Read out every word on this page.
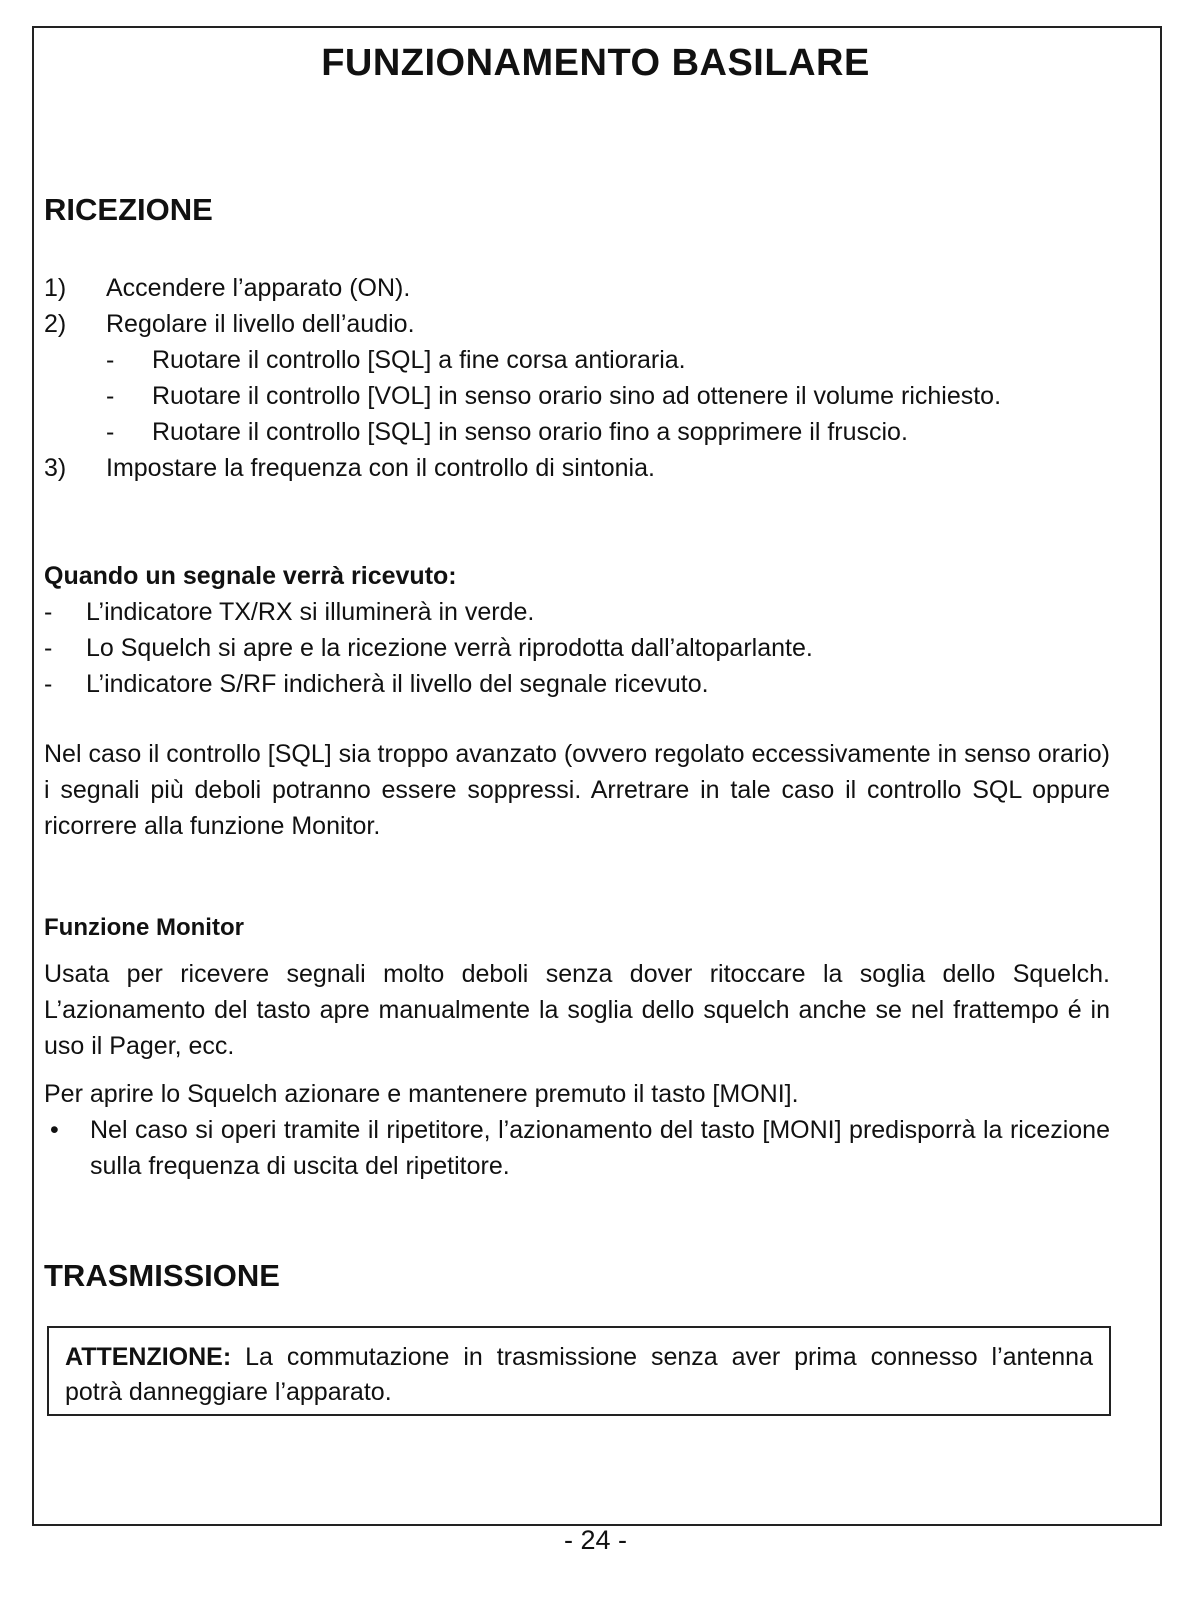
FUNZIONAMENTO BASILARE
RICEZIONE
1)	Accendere l’apparato (ON).
2)	Regolare il livello dell’audio.
-	Ruotare il controllo [SQL] a fine corsa antioraria.
-	Ruotare il controllo [VOL] in senso orario sino ad ottenere il volume richiesto.
-	Ruotare il controllo [SQL] in senso orario fino a sopprimere il fruscio.
3)	Impostare la frequenza con il controllo di sintonia.
Quando un segnale verrà ricevuto:
-	L’indicatore TX/RX si illuminerà in verde.
-	Lo Squelch si apre e la ricezione verrà riprodotta dall’altoparlante.
-	L’indicatore S/RF indicherà il livello del segnale ricevuto.
Nel caso il controllo [SQL] sia troppo avanzato (ovvero regolato eccessivamente in senso orario) i segnali più deboli potranno essere soppressi. Arretrare in tale caso il controllo SQL oppure ricorrere alla funzione Monitor.
Funzione Monitor
Usata per ricevere segnali molto deboli senza dover ritoccare la soglia dello Squelch. L’azionamento del tasto apre manualmente la soglia dello squelch anche se nel frattempo é in uso il Pager, ecc.
Per aprire lo Squelch azionare e mantenere premuto il tasto [MONI].
•	Nel caso si operi tramite il ripetitore, l’azionamento del tasto [MONI] predisporrà la ricezione sulla frequenza di uscita del ripetitore.
TRASMISSIONE
ATTENZIONE: La commutazione in trasmissione senza aver prima connesso l’antenna potrà danneggiare l’apparato.
- 24 -
